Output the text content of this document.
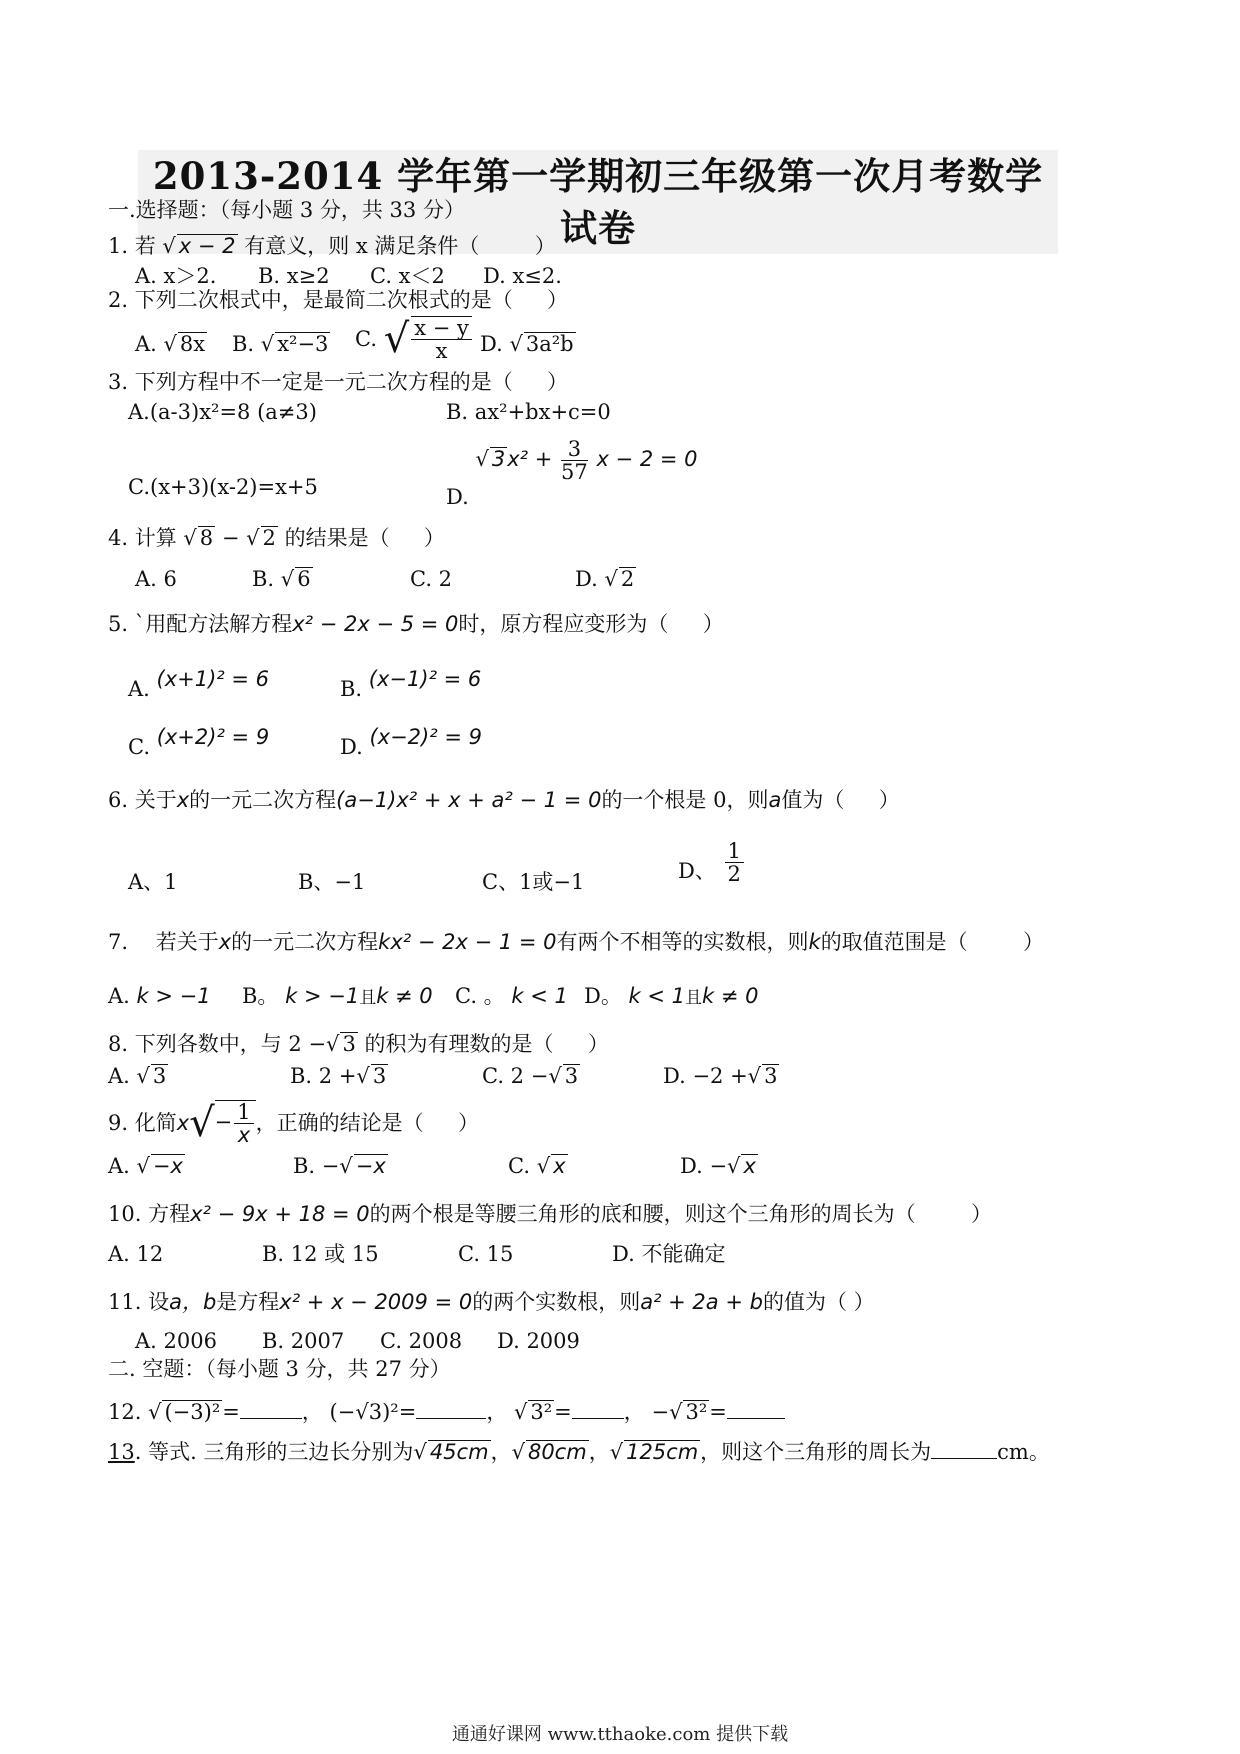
2013-2014 学年第一学期初三年级第一次月考数学试卷
一.选择题：（每小题 3 分，共 33 分）
1. 若 √ x − 2 有意义，则 x 满足条件（ 　　 ）
A. x＞2. B. x≥2 C. x＜2 D. x≤2.
2. 下列二次根式中，是最简二次根式的是（ 　 ）
A. √ 8x B. √ x²−3 C. √ $\frac{x - y}{x} D$. √ 3a²b
3. 下列方程中不一定是一元二次方程的是（ 　 ）
A.(a-3)x²=8 (a≠3)	B. ax²+bx+c=0
C.(x+3)(x-2)=x+5	D. √ $3x^2 + \frac{3}{57}$ x − 2 = 0
4. 计算 √ 8 − √ 2 的结果是（ 　 ）
A. 6	B. √ 6	C. 2	D. √ 2
5. `用配方法解方程x² − 2x − 5 = 0时，原方程应变形为（ 　 ）
A. (x+1)² = 6	B. (x−1)² = 6
C. (x+2)² = 9	D. (x−2)² = 9
6. 关于x的一元二次方程(a−1)x² + x + a² − 1 = 0的一个根是 0，则a值为（ 　 ）
A、1	B、−1	C、1或−1	D、 $\frac{1}{2}$
7. 　若关于x的一元二次方程kx² − 2x − 1 = 0有两个不相等的实数根，则k的取值范围是（ 　　 ）
A. k > −1 B。 k > −1且k ≠ 0 C. 。 k < 1 D。 k < 1且k ≠ 0
8. 下列各数中，与 2 −√ 3 的积为有理数的是（ 　 ）
A. √ 3	B. 2 +√ 3	C. 2 −√ 3	D. −2 +√ 3
9. 化简$x√- \frac{1}{x}$ ，正确的结论是（ 　 ）
A. √ −x	B. −√ −x	C. √ x	D. −√ x
10. 方程x² − 9x + 18 = 0的两个根是等腰三角形的底和腰，则这个三角形的周长为（ 　　 ）
A. 12	B. 12 或 15	C. 15	D. 不能确定
11. 设a，b是方程x² + x − 2009 = 0的两个实数根，则a² + 2a + b的值为（ ）
A. 2006 B. 2007 C. 2008 D. 2009
二. 空题：（每小题 3 分，共 27 分）
12. √ (−3)²=	， (−√3)²=	， √ 3²= ， −√ 3²=
13. 等式. 三角形的三边长分别为√ 45cm，√ 80cm，√ 125cm，则这个三角形的周长为	cm。
通通好课网 www.tthaoke.com 提供下载
